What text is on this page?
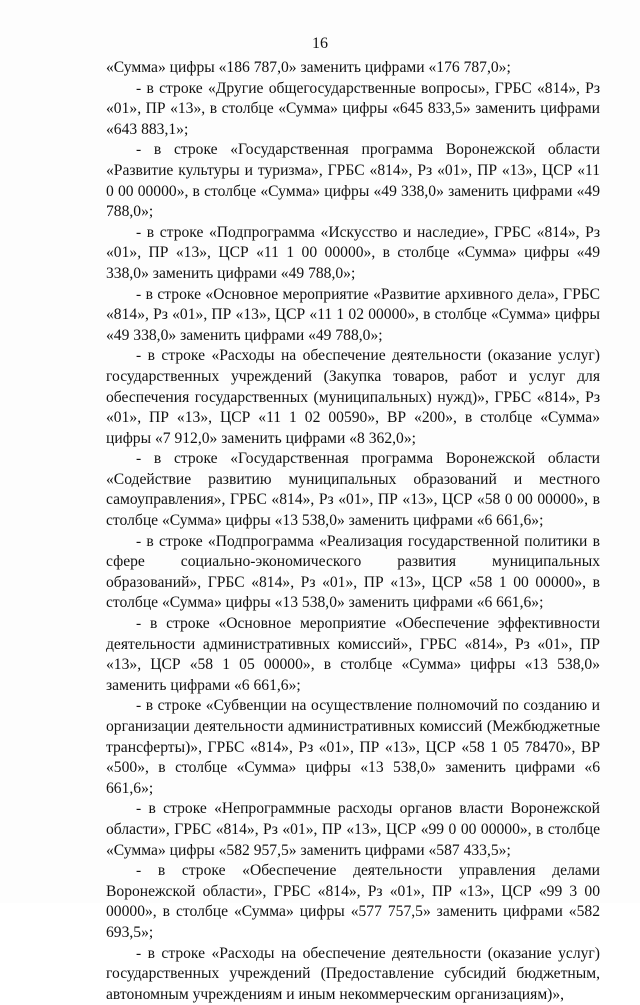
16

«Сумма» цифры «186 787,0» заменить цифрами «176 787,0»;

- в строке «Другие общегосударственные вопросы», ГРБС «814», Рз «01», ПР «13», в столбце «Сумма» цифры «645 833,5» заменить цифрами «643 883,1»;

- в строке «Государственная программа Воронежской области «Развитие культуры и туризма», ГРБС «814», Рз «01», ПР «13», ЦСР «11 0 00 00000», в столбце «Сумма» цифры «49 338,0» заменить цифрами «49 788,0»;

- в строке «Подпрограмма «Искусство и наследие», ГРБС «814», Рз «01», ПР «13», ЦСР «11 1 00 00000», в столбце «Сумма» цифры «49 338,0» заменить цифрами «49 788,0»;

- в строке «Основное мероприятие «Развитие архивного дела», ГРБС «814», Рз «01», ПР «13», ЦСР «11 1 02 00000», в столбце «Сумма» цифры «49 338,0» заменить цифрами «49 788,0»;

- в строке «Расходы на обеспечение деятельности (оказание услуг) государственных учреждений (Закупка товаров, работ и услуг для обеспечения государственных (муниципальных) нужд)», ГРБС «814», Рз «01», ПР «13», ЦСР «11 1 02 00590», ВР «200», в столбце «Сумма» цифры «7 912,0» заменить цифрами «8 362,0»;

- в строке «Государственная программа Воронежской области «Содействие развитию муниципальных образований и местного самоуправления», ГРБС «814», Рз «01», ПР «13», ЦСР «58 0 00 00000», в столбце «Сумма» цифры «13 538,0» заменить цифрами «6 661,6»;

- в строке «Подпрограмма «Реализация государственной политики в сфере социально-экономического развития муниципальных образований», ГРБС «814», Рз «01», ПР «13», ЦСР «58 1 00 00000», в столбце «Сумма» цифры «13 538,0» заменить цифрами «6 661,6»;

- в строке «Основное мероприятие «Обеспечение эффективности деятельности административных комиссий», ГРБС «814», Рз «01», ПР «13», ЦСР «58 1 05 00000», в столбце «Сумма» цифры «13 538,0» заменить цифрами «6 661,6»;

- в строке «Субвенции на осуществление полномочий по созданию и организации деятельности административных комиссий (Межбюджетные трансферты)», ГРБС «814», Рз «01», ПР «13», ЦСР «58 1 05 78470», ВР «500», в столбце «Сумма» цифры «13 538,0» заменить цифрами «6 661,6»;

- в строке «Непрограммные расходы органов власти Воронежской области», ГРБС «814», Рз «01», ПР «13», ЦСР «99 0 00 00000», в столбце «Сумма» цифры «582 957,5» заменить цифрами «587 433,5»;

- в строке «Обеспечение деятельности управления делами Воронежской области», ГРБС «814», Рз «01», ПР «13», ЦСР «99 3 00 00000», в столбце «Сумма» цифры «577 757,5» заменить цифрами «582 693,5»;

- в строке «Расходы на обеспечение деятельности (оказание услуг) государственных учреждений (Предоставление субсидий бюджетным, автономным учреждениям и иным некоммерческим организациям)»,
